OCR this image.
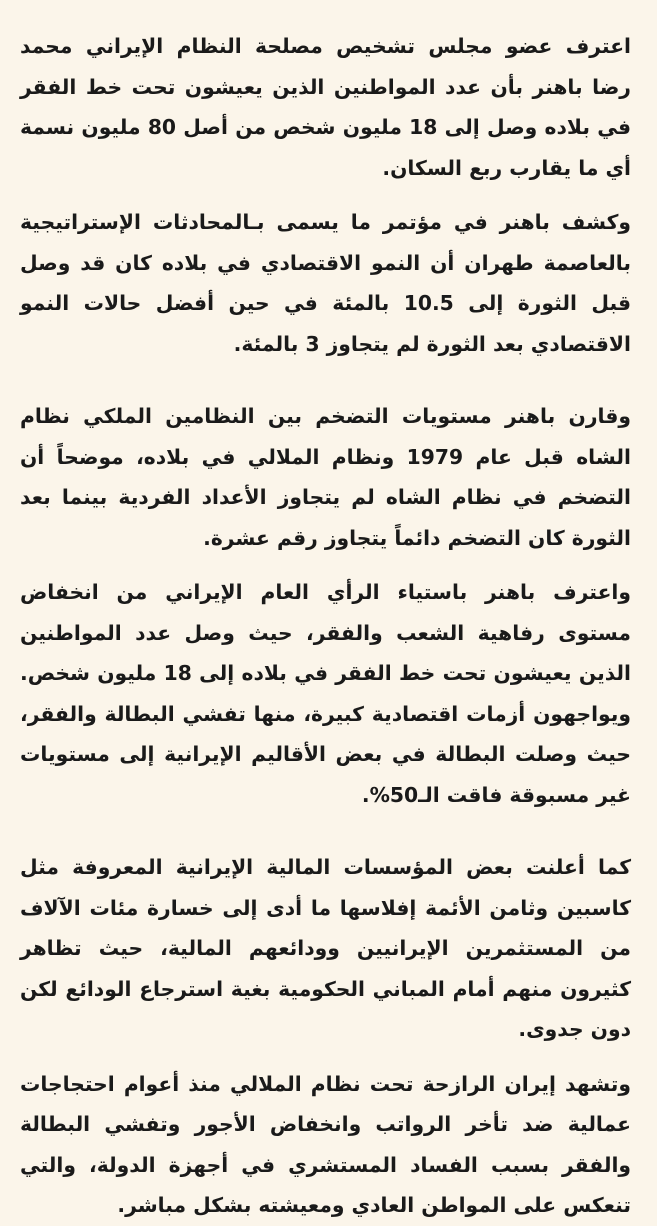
اعترف عضو مجلس تشخيص مصلحة النظام الإيراني محمد رضا باهنر بأن عدد المواطنين الذين يعيشون تحت خط الفقر في بلاده وصل إلى 18 مليون شخص من أصل 80 مليون نسمة أي ما يقارب ربع السكان.

وكشف باهنر في مؤتمر ما يسمى بـالمحادثات الإستراتيجية بالعاصمة طهران أن النمو الاقتصادي في بلاده كان قد وصل قبل الثورة إلى 10.5 بالمئة في حين أفضل حالات النمو الاقتصادي بعد الثورة لم يتجاوز 3 بالمئة.

وقارن باهنر مستويات التضخم بين النظامين الملكي نظام الشاه قبل عام 1979 ونظام الملالي في بلاده، موضحاً أن التضخم في نظام الشاه لم يتجاوز الأعداد الفردية بينما بعد الثورة كان التضخم دائماً يتجاوز رقم عشرة.

واعترف باهنر باستياء الرأي العام الإيراني من انخفاض مستوى رفاهية الشعب والفقر، حيث وصل عدد المواطنين الذين يعيشون تحت خط الفقر في بلاده إلى 18 مليون شخص. ويواجهون أزمات اقتصادية كبيرة، منها تفشي البطالة والفقر، حيث وصلت البطالة في بعض الأقاليم الإيرانية إلى مستويات غير مسبوقة فاقت الـ50%.

كما أعلنت بعض المؤسسات المالية الإيرانية المعروفة مثل كاسبين وثامن الأئمة إفلاسها ما أدى إلى خسارة مئات الآلاف من المستثمرين الإيرانيين وودائعهم المالية، حيث تظاهر كثيرون منهم أمام المباني الحكومية بغية استرجاع الودائع لكن دون جدوى.

وتشهد إيران الرازحة تحت نظام الملالي منذ أعوام احتجاجات عمالية ضد تأخر الرواتب وانخفاض الأجور وتفشي البطالة والفقر بسبب الفساد المستشري في أجهزة الدولة، والتي تنعكس على المواطن العادي ومعيشته بشكل مباشر.
